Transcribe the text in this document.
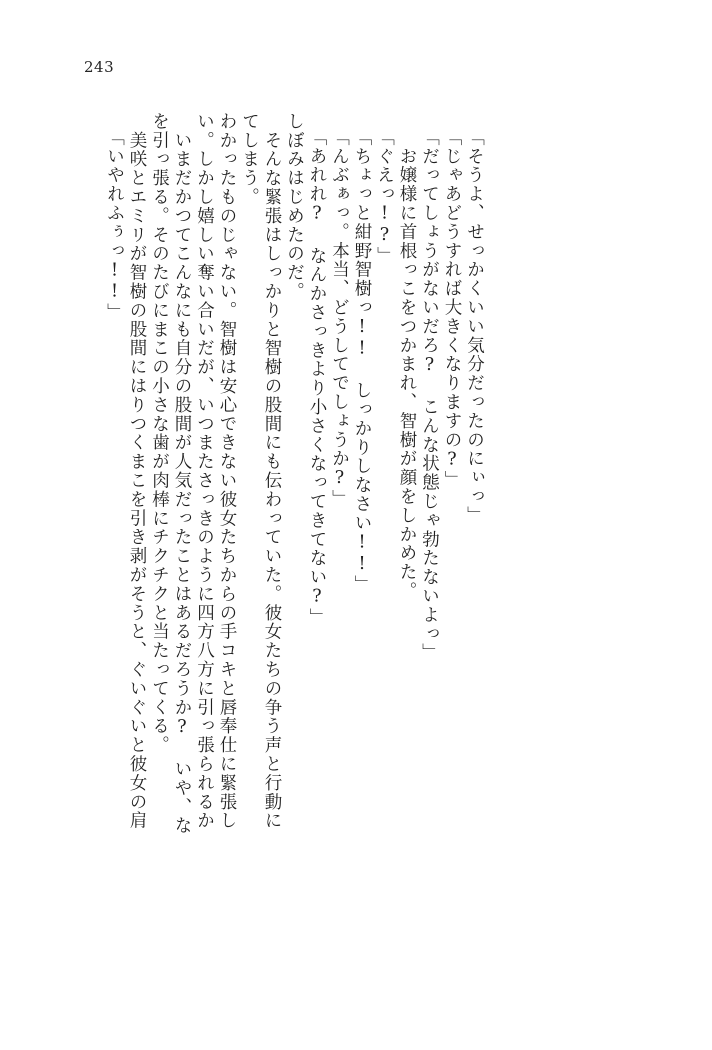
243
「いやれふぅっ!!」 　美咲とエミリが智樹の股間にはりつくまこを引き剥がそうと、ぐいぐいと彼女の肩 を引っ張る。そのたびにまこの小さな歯が肉棒にチクチクと当たってくる。 　いまだかつてこんなにも自分の股間が人気だったことはあるだろうか? いや、な い。しかし嬉しい奪い合いだが、いつまたさっきのように四方八方に引っ張られるか わかったものじゃない。智樹は安心できない彼女たちからの手コキと唇奉仕に緊張し てしまう。 　そんな緊張はしっかりと智樹の股間にも伝わっていた。彼女たちの争う声と行動に しぼみはじめたのだ。 「あれれ? なんかさっきより小さくなってきてない?」 「んぶぁっ。本当、どうしてでしょうか?」 「ちょっと紺野智樹っ!! しっかりしなさい!!」 「ぐえっ!?」 　お嬢様に首根っこをつかまれ、智樹が顔をしかめた。 「だってしょうがないだろ? こんな状態じゃ勃たないよっ」 「じゃあどうすれば大きくなりますの?」 「そうよ、せっかくいい気分だったのにぃっ」
